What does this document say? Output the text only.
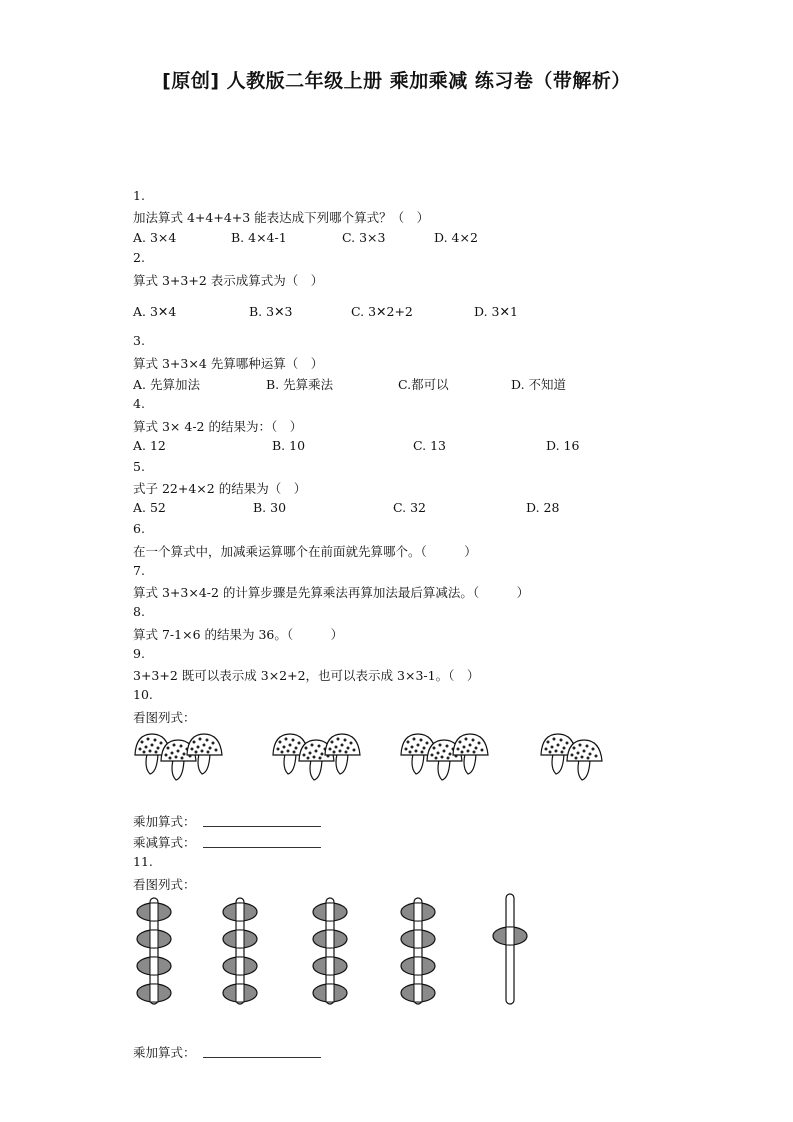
[原创] 人教版二年级上册 乘加乘减 练习卷（带解析）
1.
加法算式 4+4+4+3 能表达成下列哪个算式？（　）
A. 3×4	B. 4×4-1	C. 3×3	D. 4×2
2.
算式 3+3+2 表示成算式为（　）
A. 3✕4	B. 3✕3	C. 3✕2+2	D. 3✕1
3.
算式 3+3×4 先算哪种运算（　）
A. 先算加法	B. 先算乘法	C.都可以	D. 不知道
4.
算式 3× 4-2 的结果为：（　）
A. 12	B. 10	C. 13	D. 16
5.
式子 22+4×2 的结果为（　）
A. 52	B. 30	C. 32	D. 28
6.
在一个算式中，加减乘运算哪个在前面就先算哪个。（　　　）
7.
算式 3+3×4-2 的计算步骤是先算乘法再算加法最后算减法。（　　　）
8.
算式 7-1×6 的结果为 36。（　　　）
9.
3+3+2 既可以表示成 3×2+2，也可以表示成 3×3-1。（　）
10.
看图列式：
乘加算式：
乘减算式：
11.
看图列式：
乘加算式：
